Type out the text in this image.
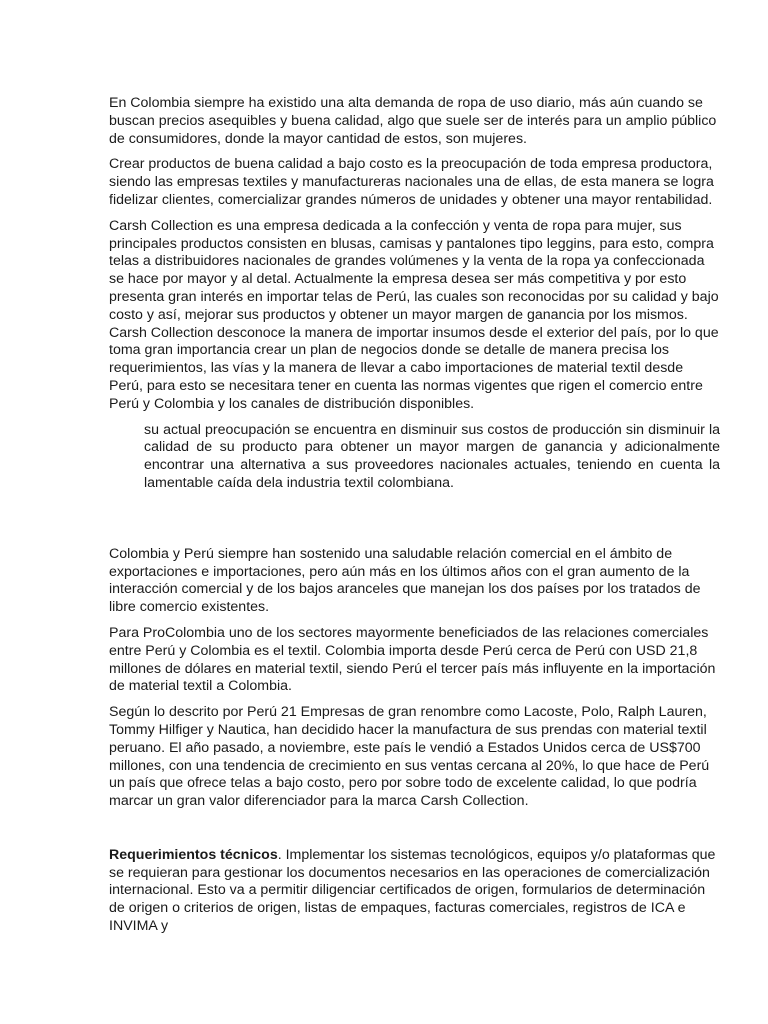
En Colombia siempre ha existido una alta demanda de ropa de uso diario, más aún cuando se buscan precios asequibles y buena calidad, algo que suele ser de interés para un amplio público de consumidores, donde la mayor cantidad de estos, son mujeres.

Crear productos de buena calidad a bajo costo es la preocupación de toda empresa productora, siendo las empresas textiles y manufactureras nacionales una de ellas, de esta manera se logra fidelizar clientes, comercializar grandes números de unidades y obtener una mayor rentabilidad.

Carsh Collection es una empresa dedicada a la confección y venta de ropa para mujer, sus principales productos consisten en blusas, camisas y pantalones tipo leggins, para esto, compra telas a distribuidores nacionales de grandes volúmenes y la venta de la ropa ya confeccionada se hace por mayor y al detal. Actualmente la empresa desea ser más competitiva y por esto presenta gran interés en importar telas de Perú, las cuales son reconocidas por su calidad y bajo costo y así, mejorar sus productos y obtener un mayor margen de ganancia por los mismos. Carsh Collection desconoce la manera de importar insumos desde el exterior del país, por lo que toma gran importancia crear un plan de negocios donde se detalle de manera precisa los requerimientos, las vías y la manera de llevar a cabo importaciones de material textil desde Perú, para esto se necesitara tener en cuenta las normas vigentes que rigen el comercio entre Perú y Colombia y los canales de distribución disponibles.

su actual preocupación se encuentra en disminuir sus costos de producción sin disminuir la calidad de su producto para obtener un mayor margen de ganancia y adicionalmente encontrar una alternativa a sus proveedores nacionales actuales, teniendo en cuenta la lamentable caída dela industria textil colombiana.

Colombia y Perú siempre han sostenido una saludable relación comercial en el ámbito de exportaciones e importaciones, pero aún más en los últimos años con el gran aumento de la interacción comercial y de los bajos aranceles que manejan los dos países por los tratados de libre comercio existentes.

Para ProColombia uno de los sectores mayormente beneficiados de las relaciones comerciales entre Perú y Colombia es el textil. Colombia importa desde Perú cerca de Perú con USD 21,8 millones de dólares en material textil, siendo Perú el tercer país más influyente en la importación de material textil a Colombia.

Según lo descrito por Perú 21 Empresas de gran renombre como Lacoste, Polo, Ralph Lauren, Tommy Hilfiger y Nautica, han decidido hacer la manufactura de sus prendas con material textil peruano. El año pasado, a noviembre, este país le vendió a Estados Unidos cerca de US$700 millones, con una tendencia de crecimiento en sus ventas cercana al 20%, lo que hace de Perú un país que ofrece telas a bajo costo, pero por sobre todo de excelente calidad, lo que podría marcar un gran valor diferenciador para la marca Carsh Collection.

Requerimientos técnicos. Implementar los sistemas tecnológicos, equipos y/o plataformas que se requieran para gestionar los documentos necesarios en las operaciones de comercialización internacional. Esto va a permitir diligenciar certificados de origen, formularios de determinación de origen o criterios de origen, listas de empaques, facturas comerciales, registros de ICA e INVIMA y
